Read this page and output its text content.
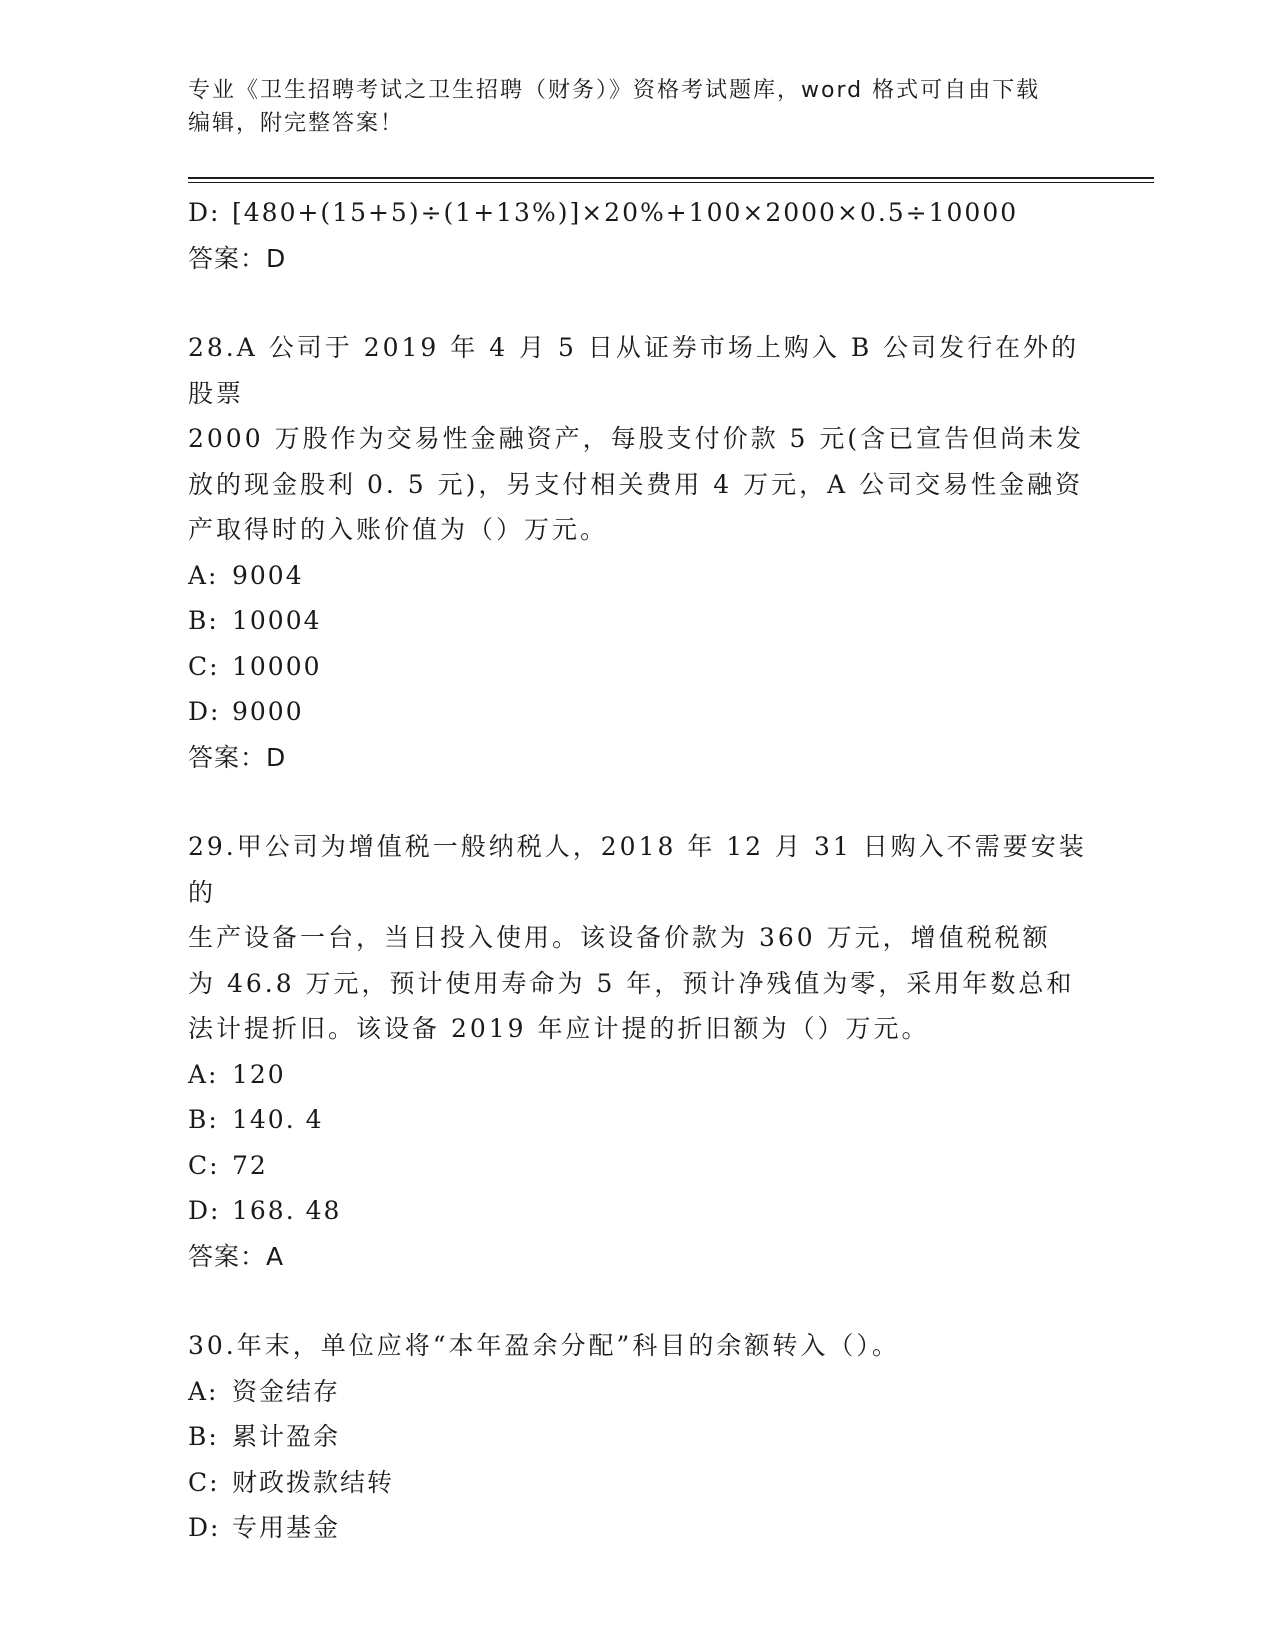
专业《卫生招聘考试之卫生招聘（财务）》资格考试题库，word 格式可自由下载
编辑，附完整答案！
D: [480+(15+5)÷(1+13%)]×20%+100×2000×0.5÷10000
答案：D
28.A 公司于 2019 年 4 月 5 日从证券市场上购入 B 公司发行在外的股票
2000 万股作为交易性金融资产，每股支付价款 5 元(含已宣告但尚未发
放的现金股利 0. 5 元)，另支付相关费用 4 万元，A 公司交易性金融资
产取得时的入账价值为（）万元。
A: 9004
B: 10004
C: 10000
D: 9000
答案：D
29.甲公司为增值税一般纳税人，2018 年 12 月 31 日购入不需要安装的
生产设备一台，当日投入使用。该设备价款为 360 万元，增值税税额
为 46.8 万元，预计使用寿命为 5 年，预计净残值为零，采用年数总和
法计提折旧。该设备 2019 年应计提的折旧额为（）万元。
A: 120
B: 140. 4
C: 72
D: 168. 48
答案：A
30.年末，单位应将“本年盈余分配”科目的余额转入（）。
A: 资金结存
B: 累计盈余
C: 财政拨款结转
D: 专用基金
